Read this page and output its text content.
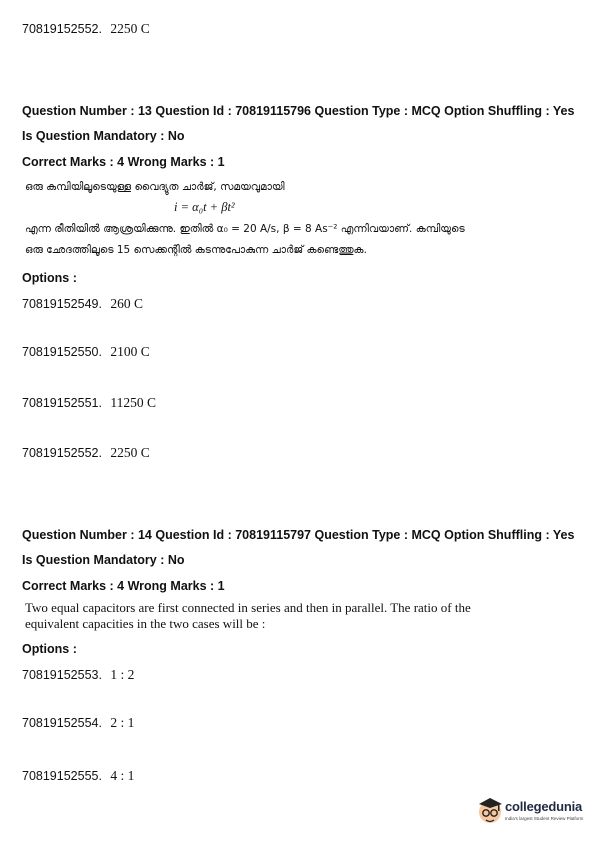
70819152552. 2250 C
Question Number : 13 Question Id : 70819115796 Question Type : MCQ Option Shuffling : Yes
Is Question Mandatory : No
Correct Marks : 4 Wrong Marks : 1
ഒരു കമ്പിയിലൂടെയുള്ള വൈദ്യുത ചാർജ്, സമയവുമായി
i = α₀t + βt²
എന്ന രീതിയിൽ ആശ്രയിക്കുന്നു. ഇതിൽ α₀ = 20 A/s, β = 8 As⁻² എന്നിവയാണ്. കമ്പിയുടെ
ഒരു ഛേദത്തിലൂടെ 15 സെക്കന്റിൽ കടന്നുപോകുന്ന ചാർജ് കണ്ടെത്തുക.
Options :
70819152549. 260 C
70819152550. 2100 C
70819152551. 11250 C
70819152552. 2250 C
Question Number : 14 Question Id : 70819115797 Question Type : MCQ Option Shuffling : Yes
Is Question Mandatory : No
Correct Marks : 4 Wrong Marks : 1
Two equal capacitors are first connected in series and then in parallel. The ratio of the
equivalent capacities in the two cases will be :
Options :
70819152553. 1 : 2
70819152554. 2 : 1
70819152555. 4 : 1
collegedunia
India's largest Student Review Platform
